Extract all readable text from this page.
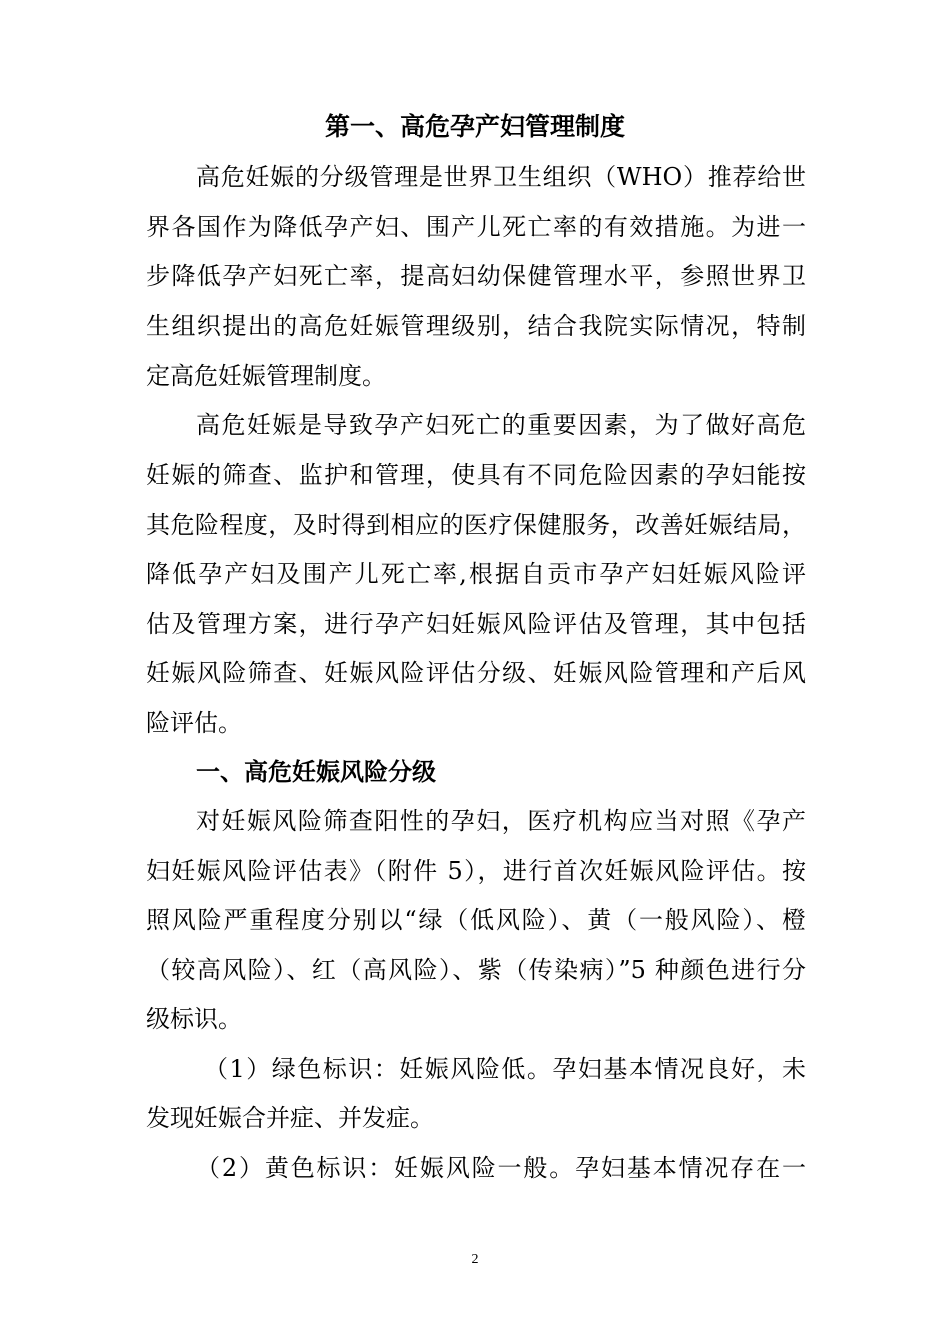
第一、高危孕产妇管理制度
高危妊娠的分级管理是世界卫生组织（WHO）推荐给世
界各国作为降低孕产妇、围产儿死亡率的有效措施。为进一
步降低孕产妇死亡率，提高妇幼保健管理水平，参照世界卫
生组织提出的高危妊娠管理级别，结合我院实际情况，特制
定高危妊娠管理制度。
高危妊娠是导致孕产妇死亡的重要因素，为了做好高危
妊娠的筛查、监护和管理，使具有不同危险因素的孕妇能按
其危险程度，及时得到相应的医疗保健服务，改善妊娠结局，
降低孕产妇及围产儿死亡率,根据自贡市孕产妇妊娠风险评
估及管理方案，进行孕产妇妊娠风险评估及管理，其中包括
妊娠风险筛查、妊娠风险评估分级、妊娠风险管理和产后风
险评估。
一、高危妊娠风险分级
对妊娠风险筛查阳性的孕妇，医疗机构应当对照《孕产
妇妊娠风险评估表》（附件 5），进行首次妊娠风险评估。按
照风险严重程度分别以“绿（低风险）、黄（一般风险）、橙
（较高风险）、红（高风险）、紫（传染病）”5 种颜色进行分
级标识。
（1）绿色标识：妊娠风险低。孕妇基本情况良好，未
发现妊娠合并症、并发症。
（2）黄色标识：妊娠风险一般。孕妇基本情况存在一
2
